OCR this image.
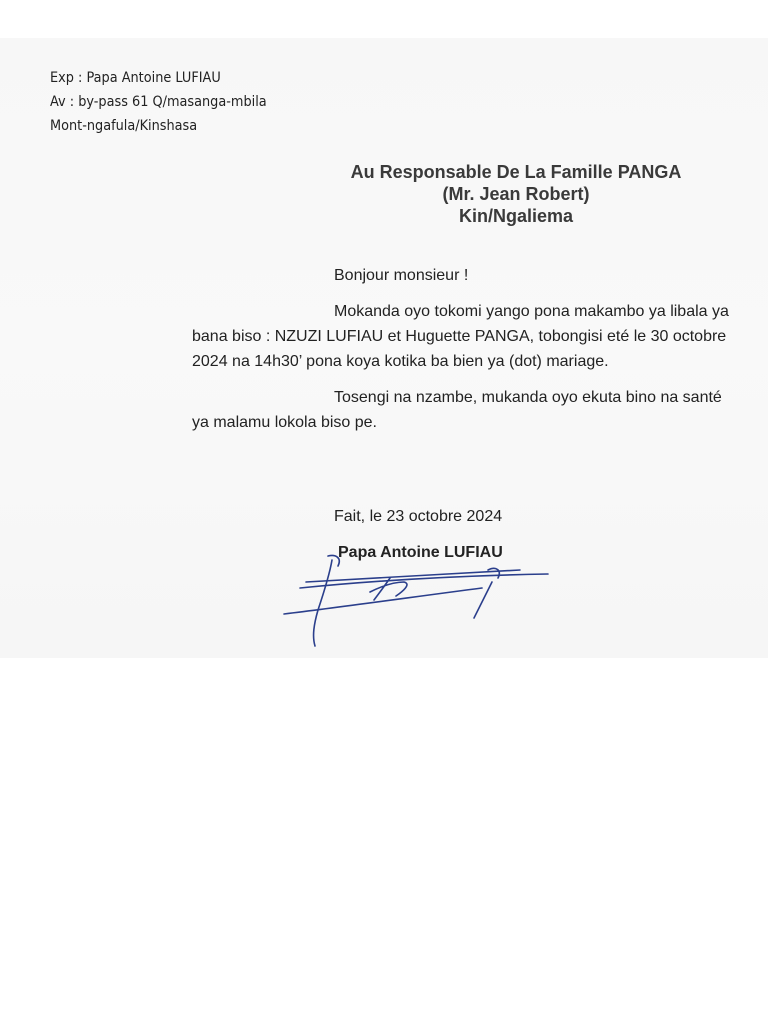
Exp : Papa Antoine LUFIAU
Av : by-pass 61 Q/masanga-mbila
Mont-ngafula/Kinshasa
Au Responsable De La Famille PANGA
(Mr. Jean Robert)
Kin/Ngaliema
Bonjour monsieur !
Mokanda oyo tokomi yango pona makambo ya libala ya bana biso : NZUZI LUFIAU et Huguette PANGA, tobongisi eté le 30 octobre 2024 na 14h30’ pona koya kotika ba bien ya (dot) mariage.
Tosengi na nzambe, mukanda oyo ekuta bino na santé ya malamu lokola biso pe.
Fait, le 23 octobre 2024
Papa Antoine LUFIAU
